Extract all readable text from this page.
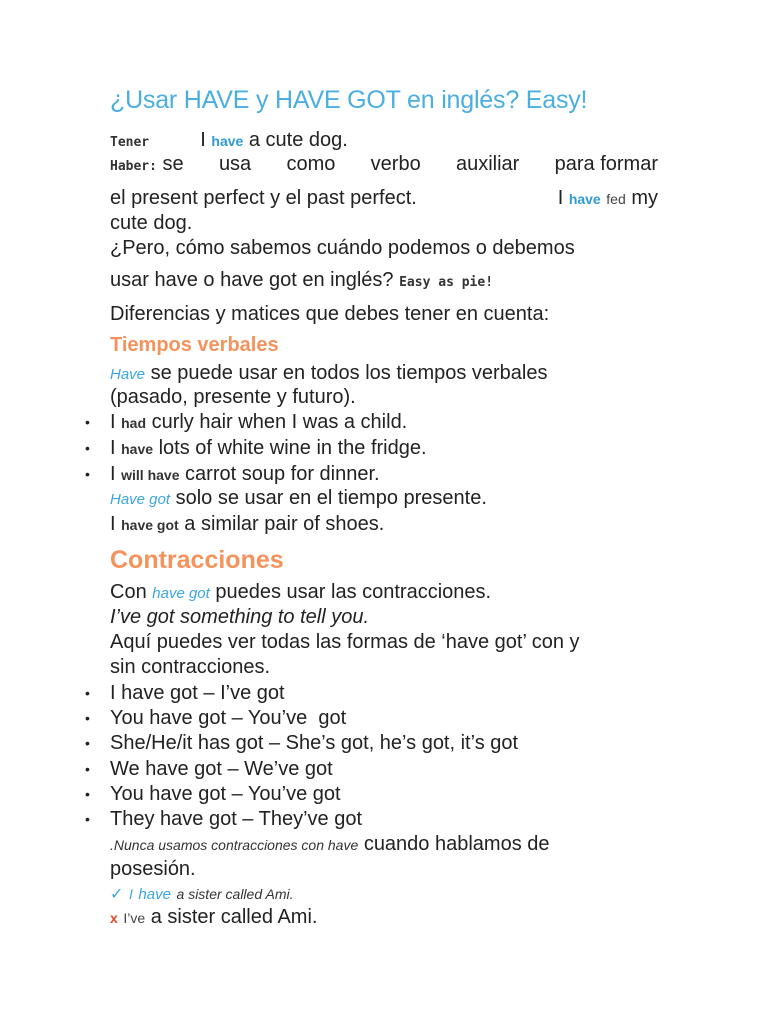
¿Usar HAVE y HAVE GOT en inglés? Easy!
Tener	I have a cute dog.
Haber: se usa como verbo auxiliar para formar
el present perfect y el past perfect.	I have fed my
cute dog.
¿Pero, cómo sabemos cuándo podemos o debemos
usar have o have got en inglés? Easy as pie!
Diferencias y matices que debes tener en cuenta:
Tiempos verbales
Have se puede usar en todos los tiempos verbales
(pasado, presente y futuro).
• I had curly hair when I was a child.
• I have lots of white wine in the fridge.
• I will have carrot soup for dinner.
Have got solo se usar en el tiempo presente.
I have got a similar pair of shoes.
Contracciones
Con have got puedes usar las contracciones.
I’ve got something to tell you.
Aquí puedes ver todas las formas de ‘have got’ con y
sin contracciones.
• I have got – I’ve got
• You have got – You’ve  got
• She/He/it has got – She’s got, he’s got, it’s got
• We have got – We’ve got
• You have got – You’ve got
• They have got – They’ve got
.Nunca usamos contracciones con have cuando hablamos de
posesión.
✓ I have a sister called Ami.
x I’ve a sister called Ami.
